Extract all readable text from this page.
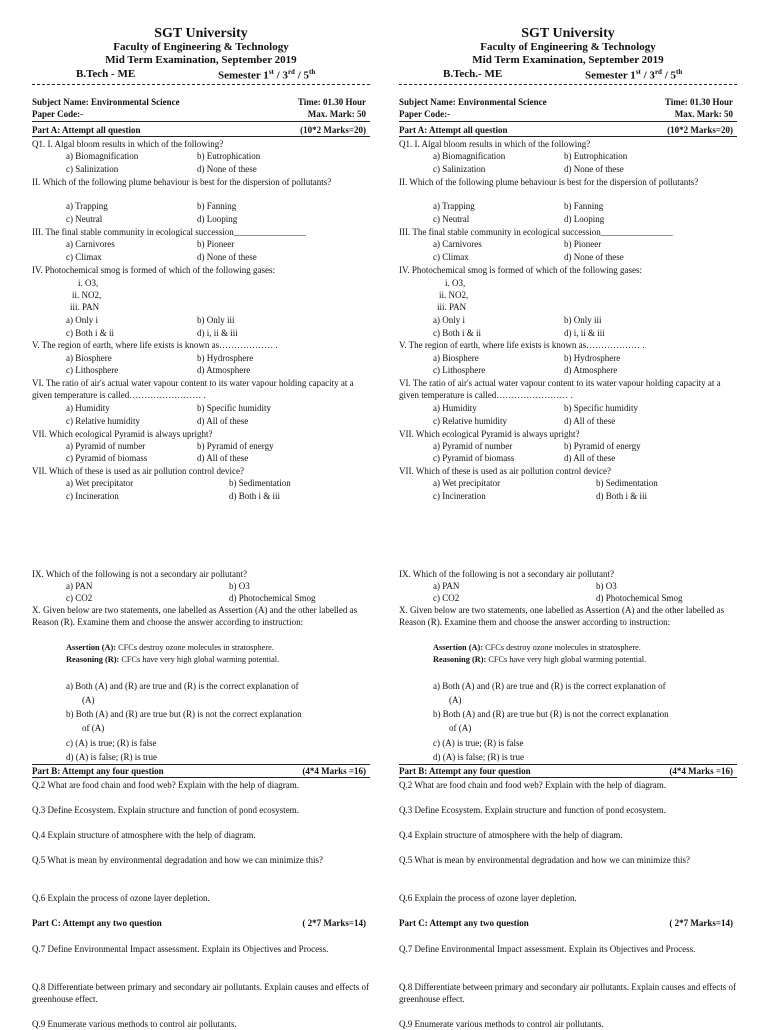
SGT University
Faculty of Engineering & Technology
Mid Term Examination, September 2019
B.Tech - ME	Semester 1st / 3rd / 5th
Subject Name: Environmental Science	Time: 01.30 Hour
Paper Code:-	Max. Mark: 50
Part A: Attempt all question	(10*2 Marks=20)
Q1. I. Algal bloom results in which of the following?
a) Biomagnification	b) Eutrophication
c) Salinization	d) None of these
II. Which of the following plume behaviour is best for the dispersion of pollutants?
a) Trapping	b) Fanning
c) Neutral	d) Looping
III. The final stable community in ecological succession________________
a) Carnivores	b) Pioneer
c) Climax	d) None of these
IV. Photochemical smog is formed of which of the following gases:
i. O3,
ii. NO2,
iii. PAN
a) Only i	b) Only iii
c) Both i & ii	d) i, ii & iii
V. The region of earth, where life exists is known as……………… .
a) Biosphere	b) Hydrosphere
c) Lithosphere	d) Atmosphere
VI. The ratio of air's actual water vapour content to its water vapour holding capacity at a given temperature is called…………………… .
a) Humidity	b) Specific humidity
c) Relative humidity	d) All of these
VII. Which ecological Pyramid is always upright?
a) Pyramid of number	b) Pyramid of energy
c) Pyramid of biomass	d) All of these
VII. Which of these is used as air pollution control device?
a) Wet precipitator	b) Sedimentation
c) Incineration	d) Both i & iii
IX. Which of the following is not a secondary air pollutant?
a) PAN	b) O3
c) CO2	d) Photochemical Smog
X. Given below are two statements, one labelled as Assertion (A) and the other labelled as Reason (R). Examine them and choose the answer according to instruction:
Assertion (A): CFCs destroy ozone molecules in stratosphere.
Reasoning (R): CFCs have very high global warming potential.
a) Both (A) and (R) are true and (R) is the correct explanation of
(A)
b) Both (A) and (R) are true but (R) is not the correct explanation
of (A)
c) (A) is true; (R) is false
d) (A) is false; (R) is true
Part B: Attempt any four question	(4*4 Marks =16)
Q.2 What are food chain and food web? Explain with the help of diagram.
Q.3 Define Ecosystem. Explain structure and function of pond ecosystem.
Q.4 Explain structure of atmosphere with the help of diagram.
Q.5 What is mean by environmental degradation and how we can minimize this?
Q.6 Explain the process of ozone layer depletion.
Part C: Attempt any two question	( 2*7 Marks=14)
Q.7 Define Environmental Impact assessment. Explain its Objectives and Process.
Q.8 Differentiate between primary and secondary air pollutants. Explain causes and effects of greenhouse effect.
Q.9 Enumerate various methods to control air pollutants.
SGT University
Faculty of Engineering & Technology
Mid Term Examination, September 2019
B.Tech.- ME	Semester 1st / 3rd / 5th
Subject Name: Environmental Science	Time: 01.30 Hour
Paper Code:-	Max. Mark: 50
Part A: Attempt all question	(10*2 Marks=20)
Q1. I. Algal bloom results in which of the following?
a) Biomagnification	b) Eutrophication
c) Salinization	d) None of these
II. Which of the following plume behaviour is best for the dispersion of pollutants?
a) Trapping	b) Fanning
c) Neutral	d) Looping
III. The final stable community in ecological succession________________
a) Carnivores	b) Pioneer
c) Climax	d) None of these
IV. Photochemical smog is formed of which of the following gases:
i. O3,
ii. NO2,
iii. PAN
a) Only i	b) Only iii
c) Both i & ii	d) i, ii & iii
V. The region of earth, where life exists is known as……………… .
a) Biosphere	b) Hydrosphere
c) Lithosphere	d) Atmosphere
VI. The ratio of air's actual water vapour content to its water vapour holding capacity at a given temperature is called…………………… .
a) Humidity	b) Specific humidity
c) Relative humidity	d) All of these
VII. Which ecological Pyramid is always upright?
a) Pyramid of number	b) Pyramid of energy
c) Pyramid of biomass	d) All of these
VII. Which of these is used as air pollution control device?
a) Wet precipitator	b) Sedimentation
c) Incineration	d) Both i & iii
IX. Which of the following is not a secondary air pollutant?
a) PAN	b) O3
c) CO2	d) Photochemical Smog
X. Given below are two statements, one labelled as Assertion (A) and the other labelled as Reason (R). Examine them and choose the answer according to instruction:
Assertion (A): CFCs destroy ozone molecules in stratosphere.
Reasoning (R): CFCs have very high global warming potential.
a) Both (A) and (R) are true and (R) is the correct explanation of
(A)
b) Both (A) and (R) are true but (R) is not the correct explanation
of (A)
c) (A) is true; (R) is false
d) (A) is false; (R) is true
Part B: Attempt any four question	(4*4 Marks =16)
Q.2 What are food chain and food web? Explain with the help of diagram.
Q.3 Define Ecosystem. Explain structure and function of pond ecosystem.
Q.4 Explain structure of atmosphere with the help of diagram.
Q.5 What is mean by environmental degradation and how we can minimize this?
Q.6 Explain the process of ozone layer depletion.
Part C: Attempt any two question	( 2*7 Marks=14)
Q.7 Define Environmental Impact assessment. Explain its Objectives and Process.
Q.8 Differentiate between primary and secondary air pollutants. Explain causes and effects of greenhouse effect.
Q.9 Enumerate various methods to control air pollutants.
